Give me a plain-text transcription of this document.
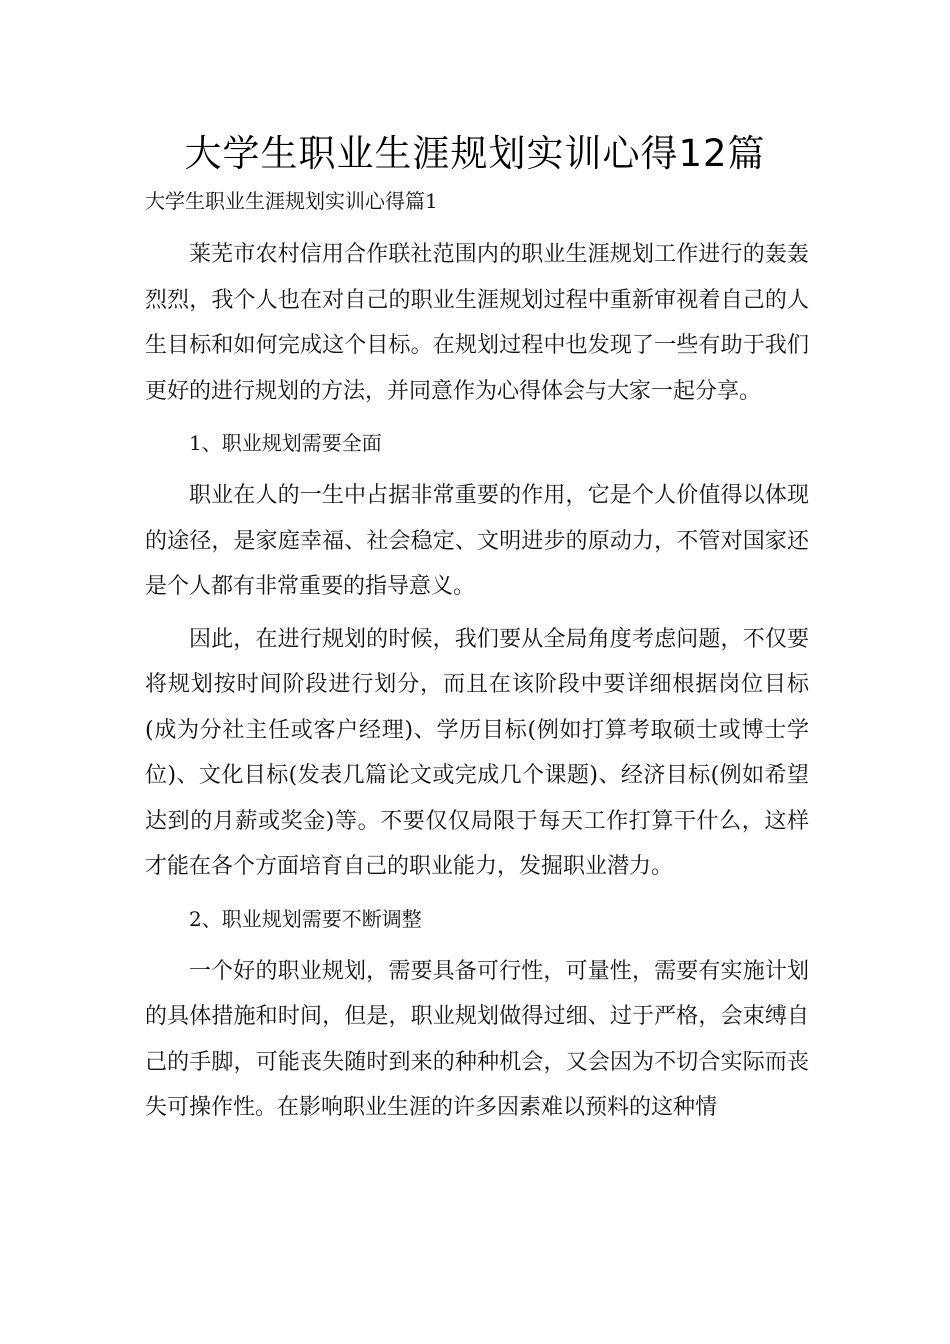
大学生职业生涯规划实训心得12篇

大学生职业生涯规划实训心得篇1

莱芜市农村信用合作联社范围内的职业生涯规划工作进行的轰轰烈烈，我个人也在对自己的职业生涯规划过程中重新审视着自己的人生目标和如何完成这个目标。在规划过程中也发现了一些有助于我们更好的进行规划的方法，并同意作为心得体会与大家一起分享。

1、职业规划需要全面

职业在人的一生中占据非常重要的作用，它是个人价值得以体现的途径，是家庭幸福、社会稳定、文明进步的原动力，不管对国家还是个人都有非常重要的指导意义。

因此，在进行规划的时候，我们要从全局角度考虑问题，不仅要将规划按时间阶段进行划分，而且在该阶段中要详细根据岗位目标(成为分社主任或客户经理)、学历目标(例如打算考取硕士或博士学位)、文化目标(发表几篇论文或完成几个课题)、经济目标(例如希望达到的月薪或奖金)等。不要仅仅局限于每天工作打算干什么，这样才能在各个方面培育自己的职业能力，发掘职业潜力。

2、职业规划需要不断调整

一个好的职业规划，需要具备可行性，可量性，需要有实施计划的具体措施和时间，但是，职业规划做得过细、过于严格，会束缚自己的手脚，可能丧失随时到来的种种机会，又会因为不切合实际而丧失可操作性。在影响职业生涯的许多因素难以预料的这种情
